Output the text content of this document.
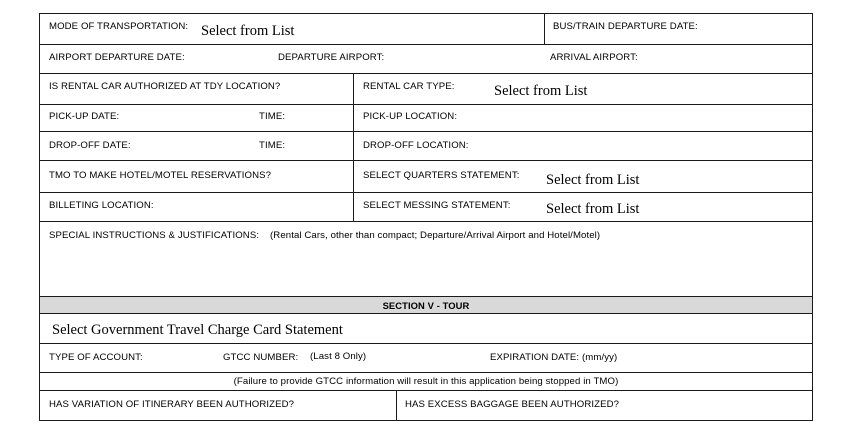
MODE OF TRANSPORTATION: Select from List	BUS/TRAIN DEPARTURE DATE:
AIRPORT DEPARTURE DATE:	DEPARTURE AIRPORT:	ARRIVAL AIRPORT:
IS RENTAL CAR AUTHORIZED AT TDY LOCATION?	RENTAL CAR TYPE:	Select from List
PICK-UP DATE:	TIME:	PICK-UP LOCATION:
DROP-OFF DATE:	TIME:	DROP-OFF LOCATION:
TMO TO MAKE HOTEL/MOTEL RESERVATIONS?	SELECT QUARTERS STATEMENT: Select from List
BILLETING LOCATION:	SELECT MESSING STATEMENT: Select from List
SPECIAL INSTRUCTIONS & JUSTIFICATIONS: (Rental Cars, other than compact; Departure/Arrival Airport and Hotel/Motel)
SECTION V - TOUR
Select Government Travel Charge Card Statement
TYPE OF ACCOUNT:	GTCC NUMBER: (Last 8 Only)	EXPIRATION DATE: (mm/yy)
(Failure to provide GTCC information will result in this application being stopped in TMO)
HAS VARIATION OF ITINERARY BEEN AUTHORIZED?	HAS EXCESS BAGGAGE BEEN AUTHORIZED?
